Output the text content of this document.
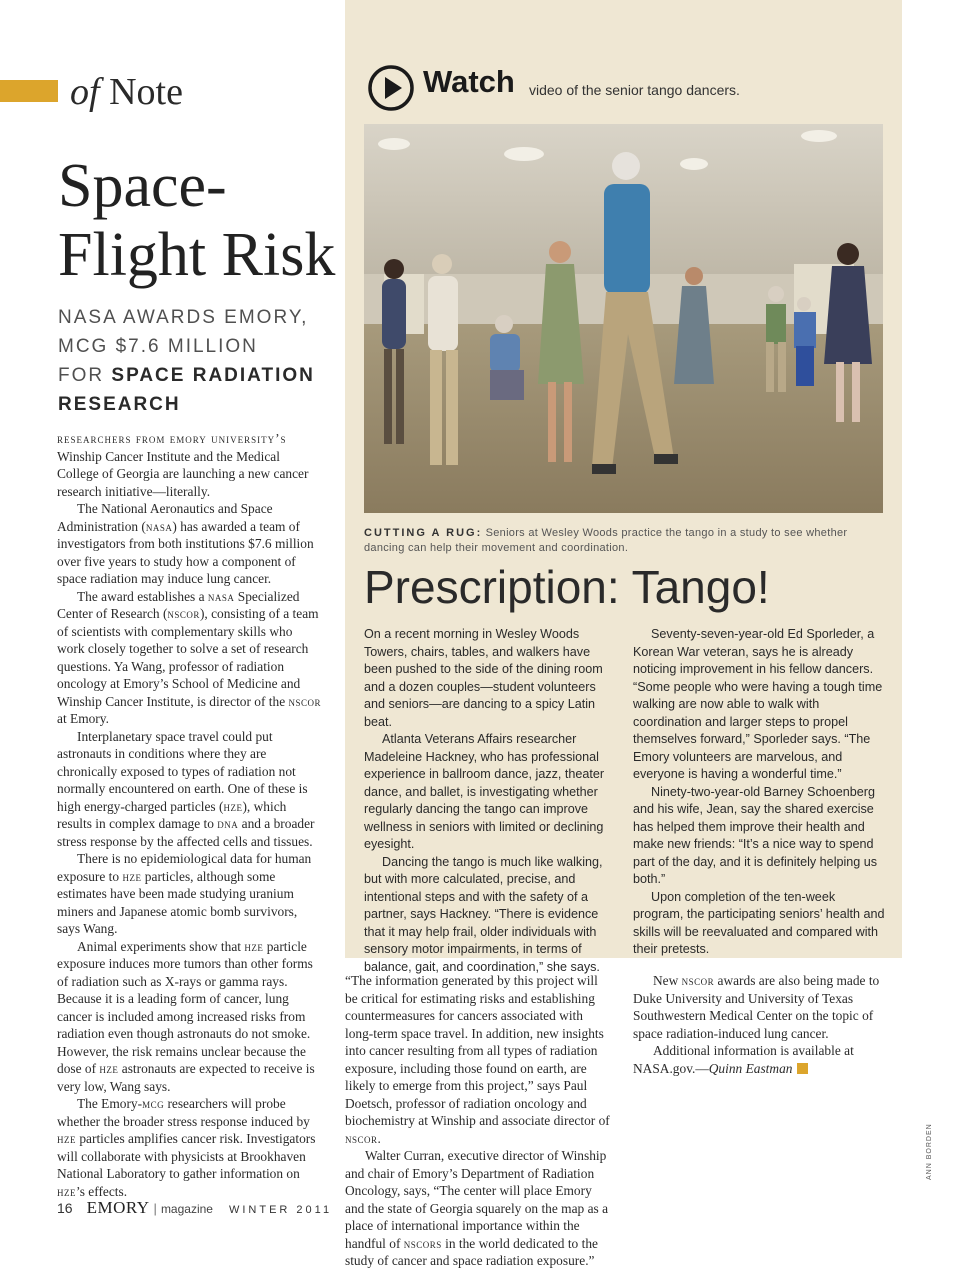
of Note
Space-
Flight Risk
NASA AWARDS EMORY,
MCG $7.6 MILLION
FOR SPACE RADIATION
RESEARCH

researchers from emory university’s Winship Cancer Institute and the Medical College of Georgia are launching a new cancer research initiative—literally.

The National Aeronautics and Space Administration (nasa) has awarded a team of investigators from both institutions $7.6 million over five years to study how a component of space radiation may induce lung cancer.

The award establishes a nasa Specialized Center of Research (nscor), consisting of a team of scientists with complementary skills who work closely together to solve a set of research questions. Ya Wang, professor of radiation oncology at Emory’s School of Medicine and Winship Cancer Institute, is director of the nscor at Emory.

Interplanetary space travel could put astronauts in conditions where they are chronically exposed to types of radiation not normally encountered on earth. One of these is high energy-charged particles (hze), which results in complex damage to dna and a broader stress response by the affected cells and tissues.

There is no epidemiological data for human exposure to hze particles, although some estimates have been made studying uranium miners and Japanese atomic bomb survivors, says Wang.

Animal experiments show that hze particle exposure induces more tumors than other forms of radiation such as X-rays or gamma rays. Because it is a leading form of cancer, lung cancer is included among increased risks from radiation even though astronauts do not smoke. However, the risk remains unclear because the dose of hze astronauts are expected to receive is very low, Wang says.

The Emory-mcg researchers will probe whether the broader stress response induced by hze particles amplifies cancer risk. Investigators will collaborate with physicists at Brookhaven National Laboratory to gather information on hze’s effects.

“The information generated by this project will be critical for estimating risks and establishing countermeasures for cancers associated with long-term space travel. In addition, new insights into cancer resulting from all types of radiation exposure, including those found on earth, are likely to emerge from this project,” says Paul Doetsch, professor of radiation oncology and biochemistry at Winship and associate director of nscor.

Walter Curran, executive director of Winship and chair of Emory’s Department of Radiation Oncology, says, “The center will place Emory and the state of Georgia squarely on the map as a place of international importance within the handful of nscors in the world dedicated to the study of cancer and space radiation exposure.”

New nscor awards are also being made to Duke University and University of Texas Southwestern Medical Center on the topic of space radiation-induced lung cancer.

Additional information is available at NASA.gov.—Quinn Eastman

Watch video of the senior tango dancers.
CUTTING A RUG: Seniors at Wesley Woods practice the tango in a study to see whether dancing can help their movement and coordination.
Prescription: Tango!

On a recent morning in Wesley Woods Towers, chairs, tables, and walkers have been pushed to the side of the dining room and a dozen couples—student volunteers and seniors—are dancing to a spicy Latin beat.

Atlanta Veterans Affairs researcher Madeleine Hackney, who has professional experience in ballroom dance, jazz, theater dance, and ballet, is investigating whether regularly dancing the tango can improve wellness in seniors with limited or declining eyesight.

Dancing the tango is much like walking, but with more calculated, precise, and intentional steps and with the safety of a partner, says Hackney. “There is evidence that it may help frail, older individuals with sensory motor impairments, in terms of balance, gait, and coordination,” she says.

Seventy-seven-year-old Ed Sporleder, a Korean War veteran, says he is already noticing improvement in his fellow dancers. “Some people who were having a tough time walking are now able to walk with coordination and larger steps to propel themselves forward,” Sporleder says. “The Emory volunteers are marvelous, and everyone is having a wonderful time.”

Ninety-two-year-old Barney Schoenberg and his wife, Jean, say the shared exercise has helped them improve their health and make new friends: “It’s a nice way to spend part of the day, and it is definitely helping us both.”

Upon completion of the ten-week program, the participating seniors’ health and skills will be reevaluated and compared with their pretests.

ANN BORDEN
16 EMORY | magazine WINTER 2011
